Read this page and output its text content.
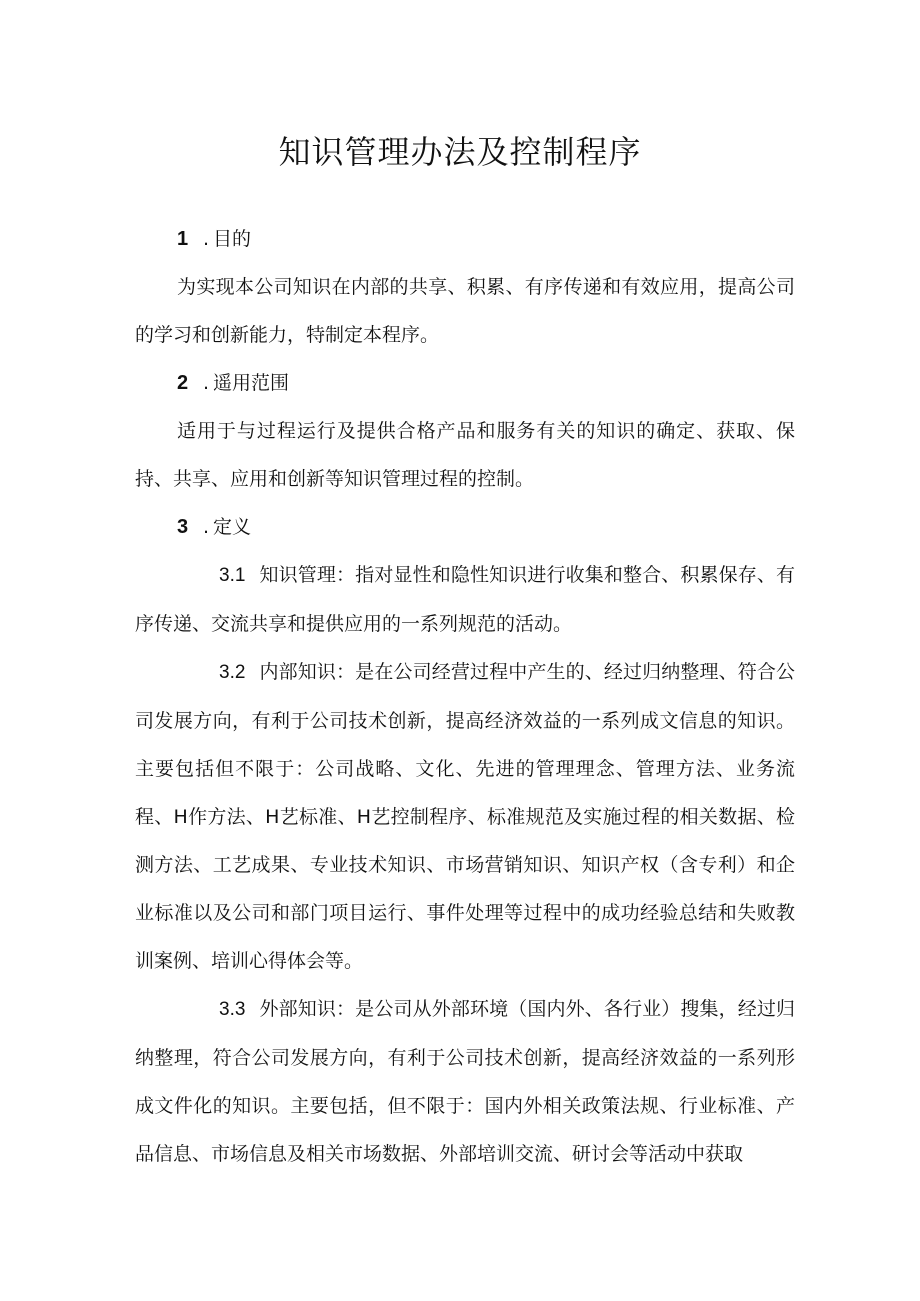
知识管理办法及控制程序
1 . 目的

为实现本公司知识在内部的共享、积累、有序传递和有效应用，提高公司的学习和创新能力，特制定本程序。

2 . 遥用范围

适用于与过程运行及提供合格产品和服务有关的知识的确定、获取、保持、共享、应用和创新等知识管理过程的控制。

3 . 定义

3.1 知识管理：指对显性和隐性知识进行收集和整合、积累保存、有序传递、交流共享和提供应用的一系列规范的活动。

3.2 内部知识：是在公司经营过程中产生的、经过归纳整理、符合公司发展方向，有利于公司技术创新，提高经济效益的一系列成文信息的知识。主要包括但不限于：公司战略、文化、先进的管理理念、管理方法、业务流程、H作方法、H艺标准、H艺控制程序、标准规范及实施过程的相关数据、检测方法、工艺成果、专业技术知识、市场营销知识、知识产权（含专利）和企业标准以及公司和部门项目运行、事件处理等过程中的成功经验总结和失败教训案例、培训心得体会等。

3.3 外部知识：是公司从外部环境（国内外、各行业）搜集，经过归纳整理，符合公司发展方向，有利于公司技术创新，提高经济效益的一系列形成文件化的知识。主要包括，但不限于：国内外相关政策法规、行业标准、产品信息、市场信息及相关市场数据、外部培训交流、研讨会等活动中获取
